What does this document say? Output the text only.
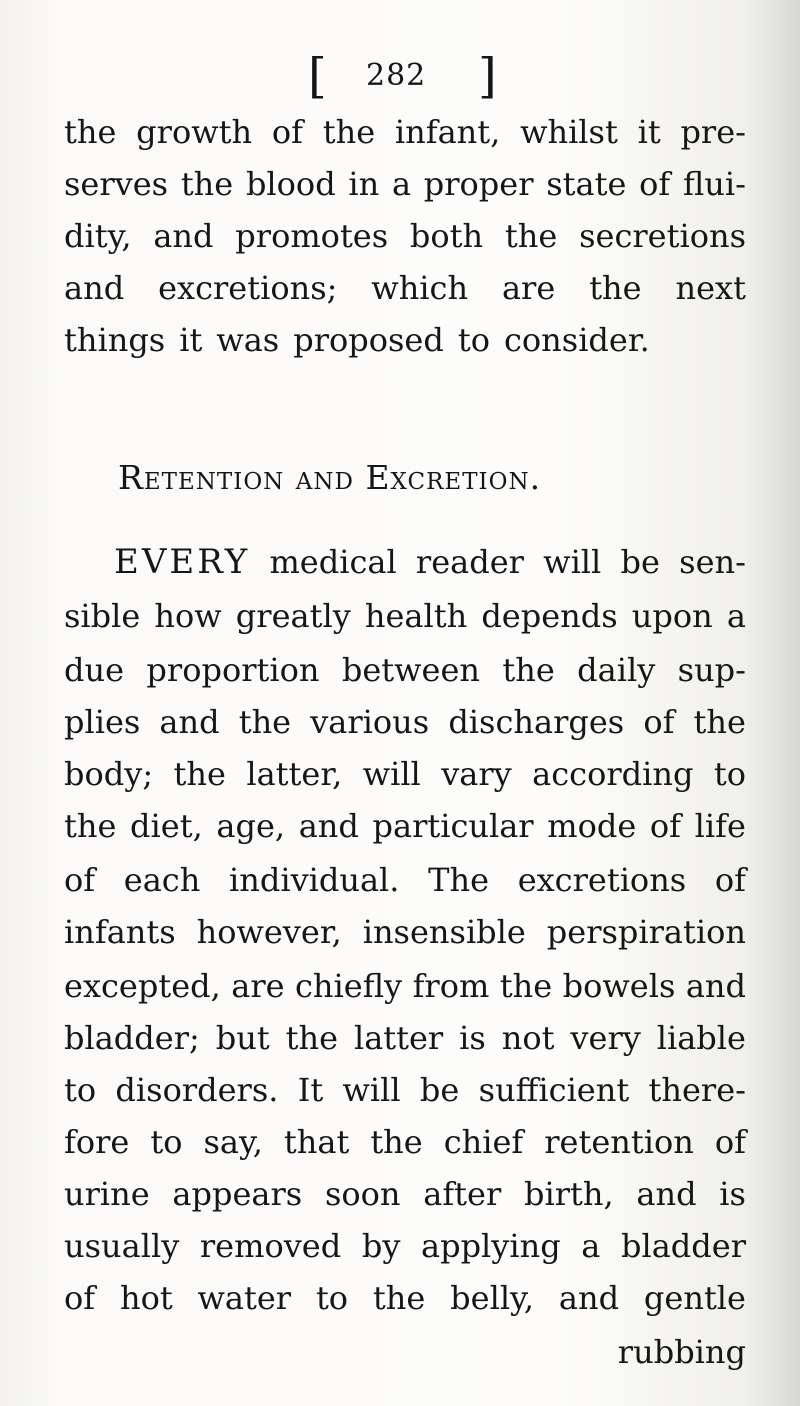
[ 282 ]
the growth of the infant, whilst it pre-
serves the blood in a proper state of flui-
dity, and promotes both the secretions
and excretions; which are the next
things it was proposed to consider.
Retention and Excretion.
EVERY medical reader will be sen-
sible how greatly health depends upon a
due proportion between the daily sup-
plies and the various discharges of the
body; the latter, will vary according to
the diet, age, and particular mode of life
of each individual. The excretions of
infants however, insensible perspiration
excepted, are chiefly from the bowels and
bladder; but the latter is not very liable
to disorders. It will be sufficient there-
fore to say, that the chief retention of
urine appears soon after birth, and is
usually removed by applying a bladder
of hot water to the belly, and gentle
rubbing
